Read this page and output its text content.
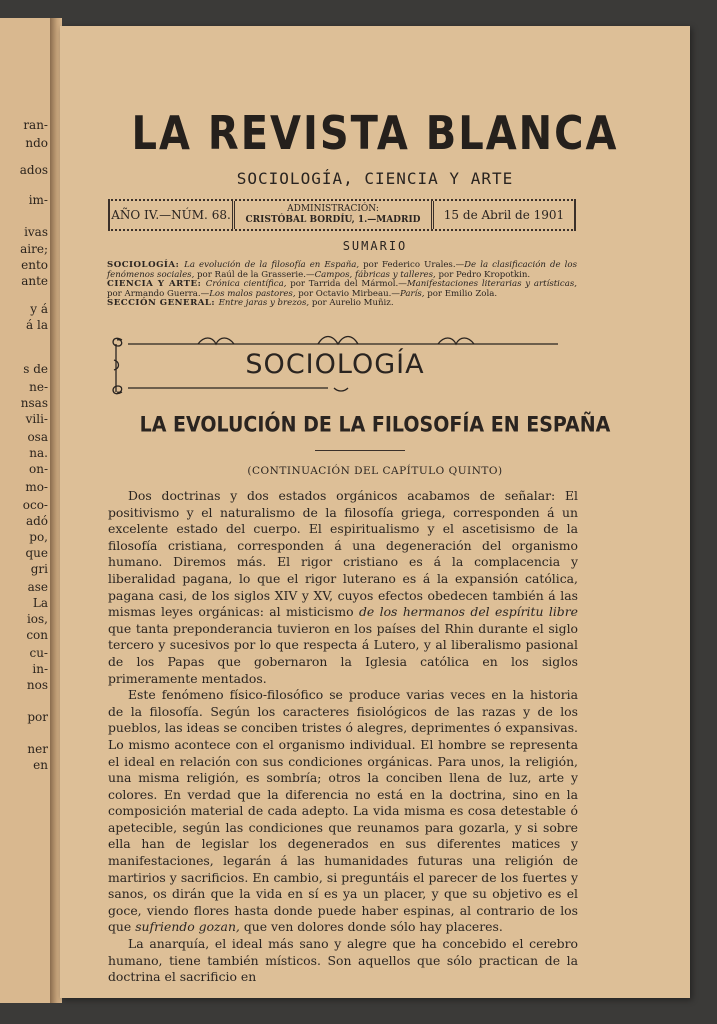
ran-
ndo
ados
im-
ivas
aire;
ento
ante
y á
á la
s de
ne-
nsas
vili-
osa
na.
on-
mo-
oco-
adó
po,
que
gri
ase
La
ios,
con
cu-
in-
nos
por
ner
en
LA REVISTA BLANCA
SOCIOLOGÍA, CIENCIA Y ARTE
AÑO IV.—NÚM. 68.	ADMINISTRACIÓN:
CRISTÓBAL BORDÍU, 1.—MADRID	15 de Abril de 1901
SUMARIO

SOCIOLOGÍA: La evolución de la filosofía en España, por Federico Urales.—De la clasificación de los fenómenos sociales, por Raúl de la Grasserie.—Campos, fábricas y talleres, por Pedro Kropotkin.

CIENCIA Y ARTE: Crónica científica, por Tarrida del Mármol.—Manifestaciones literarias y artísticas, por Armando Guerra.—Los malos pastores, por Octavio Mirbeau.—París, por Emilio Zola.

SECCIÓN GENERAL: Entre jaras y brezos, por Aurelio Muñiz.

SOCIOLOGÍA
LA EVOLUCIÓN DE LA FILOSOFÍA EN ESPAÑA
(CONTINUACIÓN DEL CAPÍTULO QUINTO)

Dos doctrinas y dos estados orgánicos acabamos de señalar: El positivismo y el naturalismo de la filosofía griega, corresponden á un excelente estado del cuerpo. El espiritualismo y el ascetisismo de la filosofía cristiana, corresponden á una degeneración del organismo humano. Diremos más. El rigor cristiano es á la complacencia y liberalidad pagana, lo que el rigor luterano es á la expansión católica, pagana casi, de los siglos XIV y XV, cuyos efectos obedecen también á las mismas leyes orgánicas: al misticismo de los hermanos del espíritu libre que tanta preponderancia tuvieron en los países del Rhin durante el siglo tercero y sucesivos por lo que respecta á Lutero, y al liberalismo pasional de los Papas que gobernaron la Iglesia católica en los siglos primeramente mentados.

Este fenómeno físico-filosófico se produce varias veces en la historia de la filosofía. Según los caracteres fisiológicos de las razas y de los pueblos, las ideas se conciben tristes ó alegres, deprimentes ó expansivas. Lo mismo acontece con el organismo individual. El hombre se representa el ideal en relación con sus condiciones orgánicas. Para unos, la religión, una misma religión, es sombría; otros la conciben llena de luz, arte y colores. En verdad que la diferencia no está en la doctrina, sino en la composición material de cada adepto. La vida misma es cosa detestable ó apetecible, según las condiciones que reunamos para gozarla, y si sobre ella han de legislar los degenerados en sus diferentes matices y manifestaciones, legarán á las humanidades futuras una religión de martirios y sacrificios. En cambio, si preguntáis el parecer de los fuertes y sanos, os dirán que la vida en sí es ya un placer, y que su objetivo es el goce, viendo flores hasta donde puede haber espinas, al contrario de los que sufriendo gozan, que ven dolores donde sólo hay placeres.

La anarquía, el ideal más sano y alegre que ha concebido el cerebro humano, tiene también místicos. Son aquellos que sólo practican de la doctrina el sacrificio en
